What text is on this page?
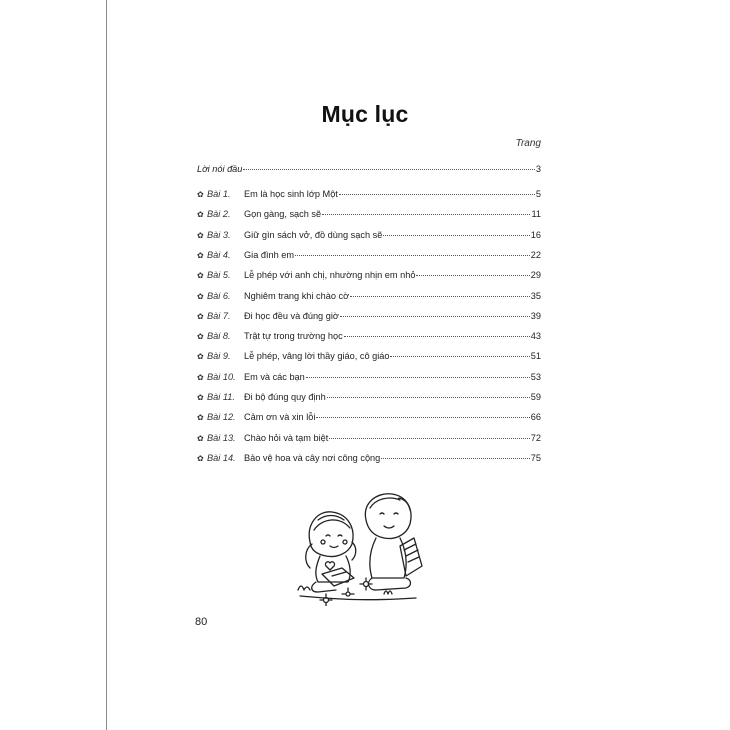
Mục lục
Trang
Lời nói đầu	3
✿ Bài 1.	Em là học sinh lớp Một	5
✿ Bài 2.	Gọn gàng, sạch sẽ	11
✿ Bài 3.	Giữ gìn sách vở, đồ dùng sạch sẽ	16
✿ Bài 4.	Gia đình em	22
✿ Bài 5.	Lễ phép với anh chị, nhường nhịn em nhỏ	29
✿ Bài 6.	Nghiêm trang khi chào cờ	35
✿ Bài 7.	Đi học đều và đúng giờ	39
✿ Bài 8.	Trật tự trong trường học	43
✿ Bài 9.	Lễ phép, vâng lời thầy giáo, cô giáo	51
✿ Bài 10. Em và các bạn	53
✿ Bài 11. Đi bộ đúng quy định	59
✿ Bài 12. Cảm ơn và xin lỗi	66
✿ Bài 13. Chào hỏi và tạm biệt	72
✿ Bài 14. Bảo vệ hoa và cây nơi công cộng	75
80
